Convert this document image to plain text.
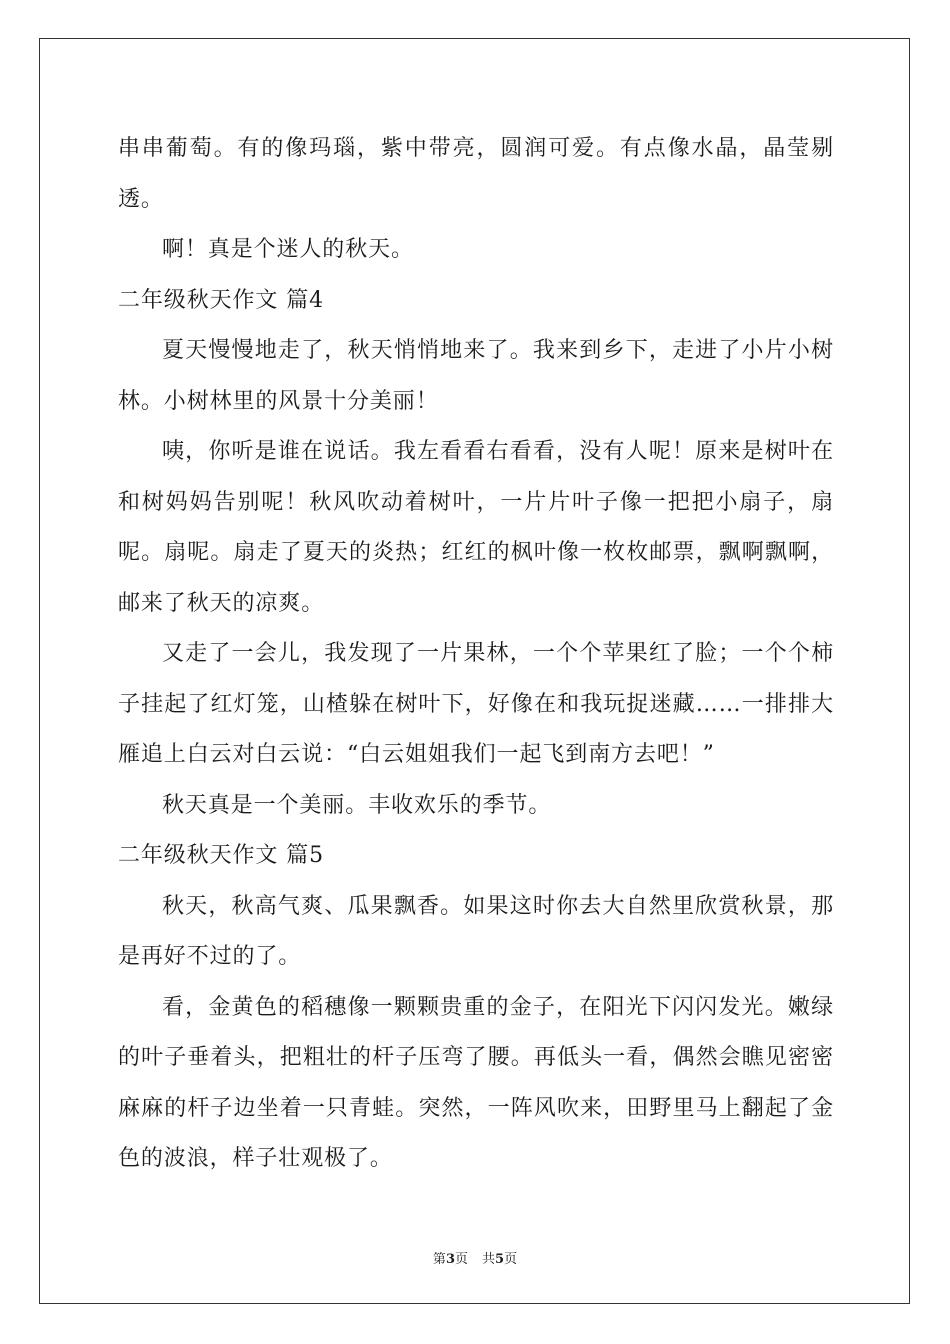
串串葡萄。有的像玛瑙，紫中带亮，圆润可爱。有点像水晶，晶莹剔透。

啊！真是个迷人的秋天。

二年级秋天作文 篇4

夏天慢慢地走了，秋天悄悄地来了。我来到乡下，走进了小片小树林。小树林里的风景十分美丽！

咦，你听是谁在说话。我左看看右看看，没有人呢！原来是树叶在和树妈妈告别呢！秋风吹动着树叶，一片片叶子像一把把小扇子，扇呢。扇呢。扇走了夏天的炎热；红红的枫叶像一枚枚邮票，飘啊飘啊，邮来了秋天的凉爽。

又走了一会儿，我发现了一片果林，一个个苹果红了脸；一个个柿子挂起了红灯笼，山楂躲在树叶下，好像在和我玩捉迷藏……一排排大雁追上白云对白云说：“白云姐姐我们一起飞到南方去吧！”

秋天真是一个美丽。丰收欢乐的季节。

二年级秋天作文 篇5

秋天，秋高气爽、瓜果飘香。如果这时你去大自然里欣赏秋景，那是再好不过的了。

看，金黄色的稻穗像一颗颗贵重的金子，在阳光下闪闪发光。嫩绿的叶子垂着头，把粗壮的杆子压弯了腰。再低头一看，偶然会瞧见密密麻麻的杆子边坐着一只青蛙。突然，一阵风吹来，田野里马上翻起了金色的波浪，样子壮观极了。

第3页 共5页
